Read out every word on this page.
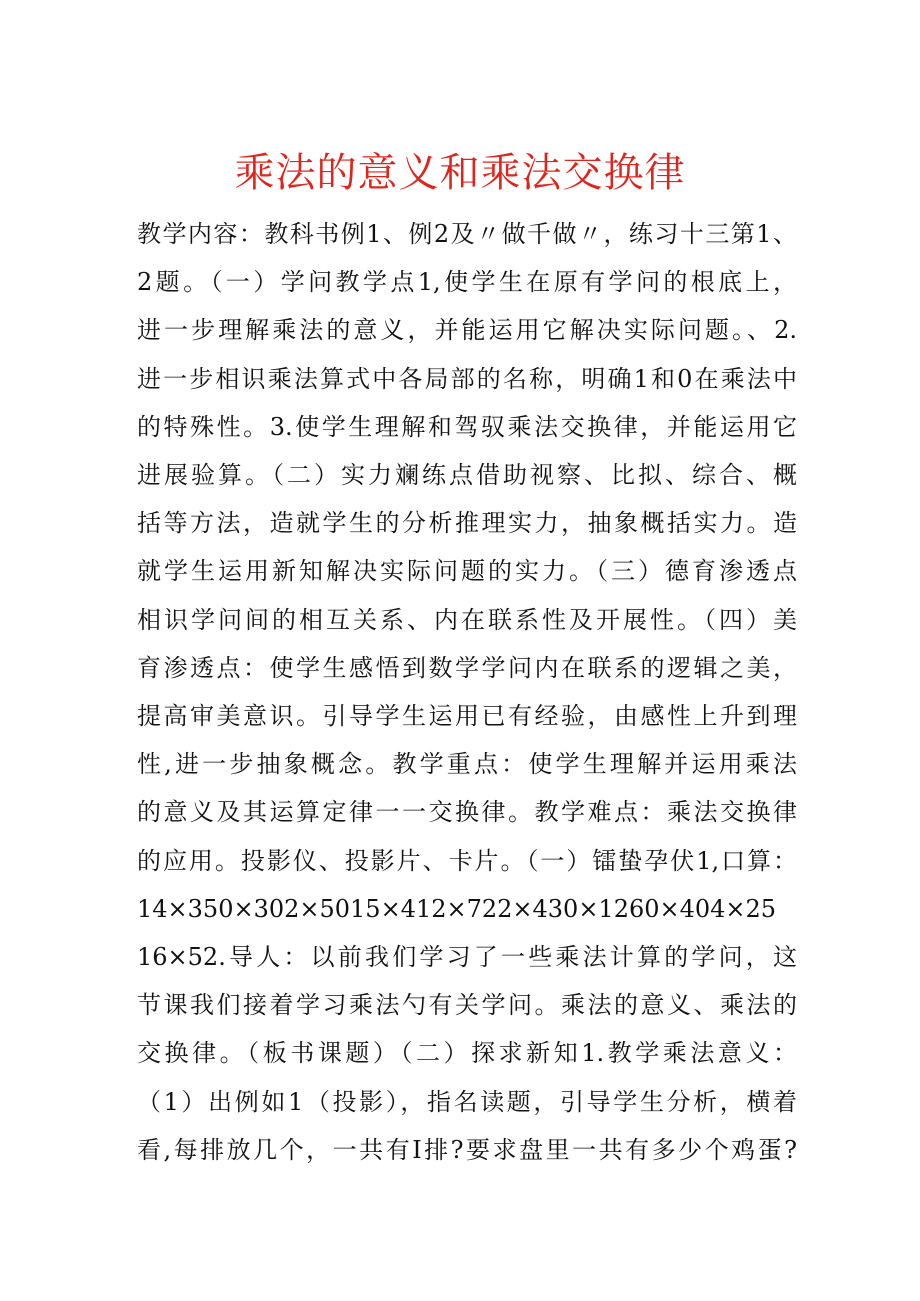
乘法的意义和乘法交换律
教学内容：教科书例1、例2及〃做千做〃，练习十三第1、
2题。（一）学问教学点1,使学生在原有学问的根底上，
进一步理解乘法的意义，并能运用它解决实际问题。、2.
进一步相识乘法算式中各局部的名称，明确1和0在乘法中
的特殊性。3.使学生理解和驾驭乘法交换律，并能运用它
进展验算。（二）实力斓练点借助视察、比拟、综合、概
括等方法，造就学生的分析推理实力，抽象概括实力。造
就学生运用新知解决实际问题的实力。（三）德育渗透点
相识学问间的相互关系、内在联系性及开展性。（四）美
育渗透点：使学生感悟到数学学问内在联系的逻辑之美，
提高审美意识。引导学生运用已有经验，由感性上升到理
性,进一步抽象概念。教学重点：使学生理解并运用乘法
的意义及其运算定律一一交换律。教学难点：乘法交换律
的应用。投影仪、投影片、卡片。（一）镭蛰孕伏1,口算：
14×350×302×5015×412×722×430×1260×404×25
16×52.导人：以前我们学习了一些乘法计算的学问，这
节课我们接着学习乘法勺有关学问。乘法的意义、乘法的
交换律。（板书课题）（二）探求新知1.教学乘法意义：
（1）出例如1（投影），指名读题，引导学生分析，横着
看,每排放几个，一共有I排?要求盘里一共有多少个鸡蛋?
